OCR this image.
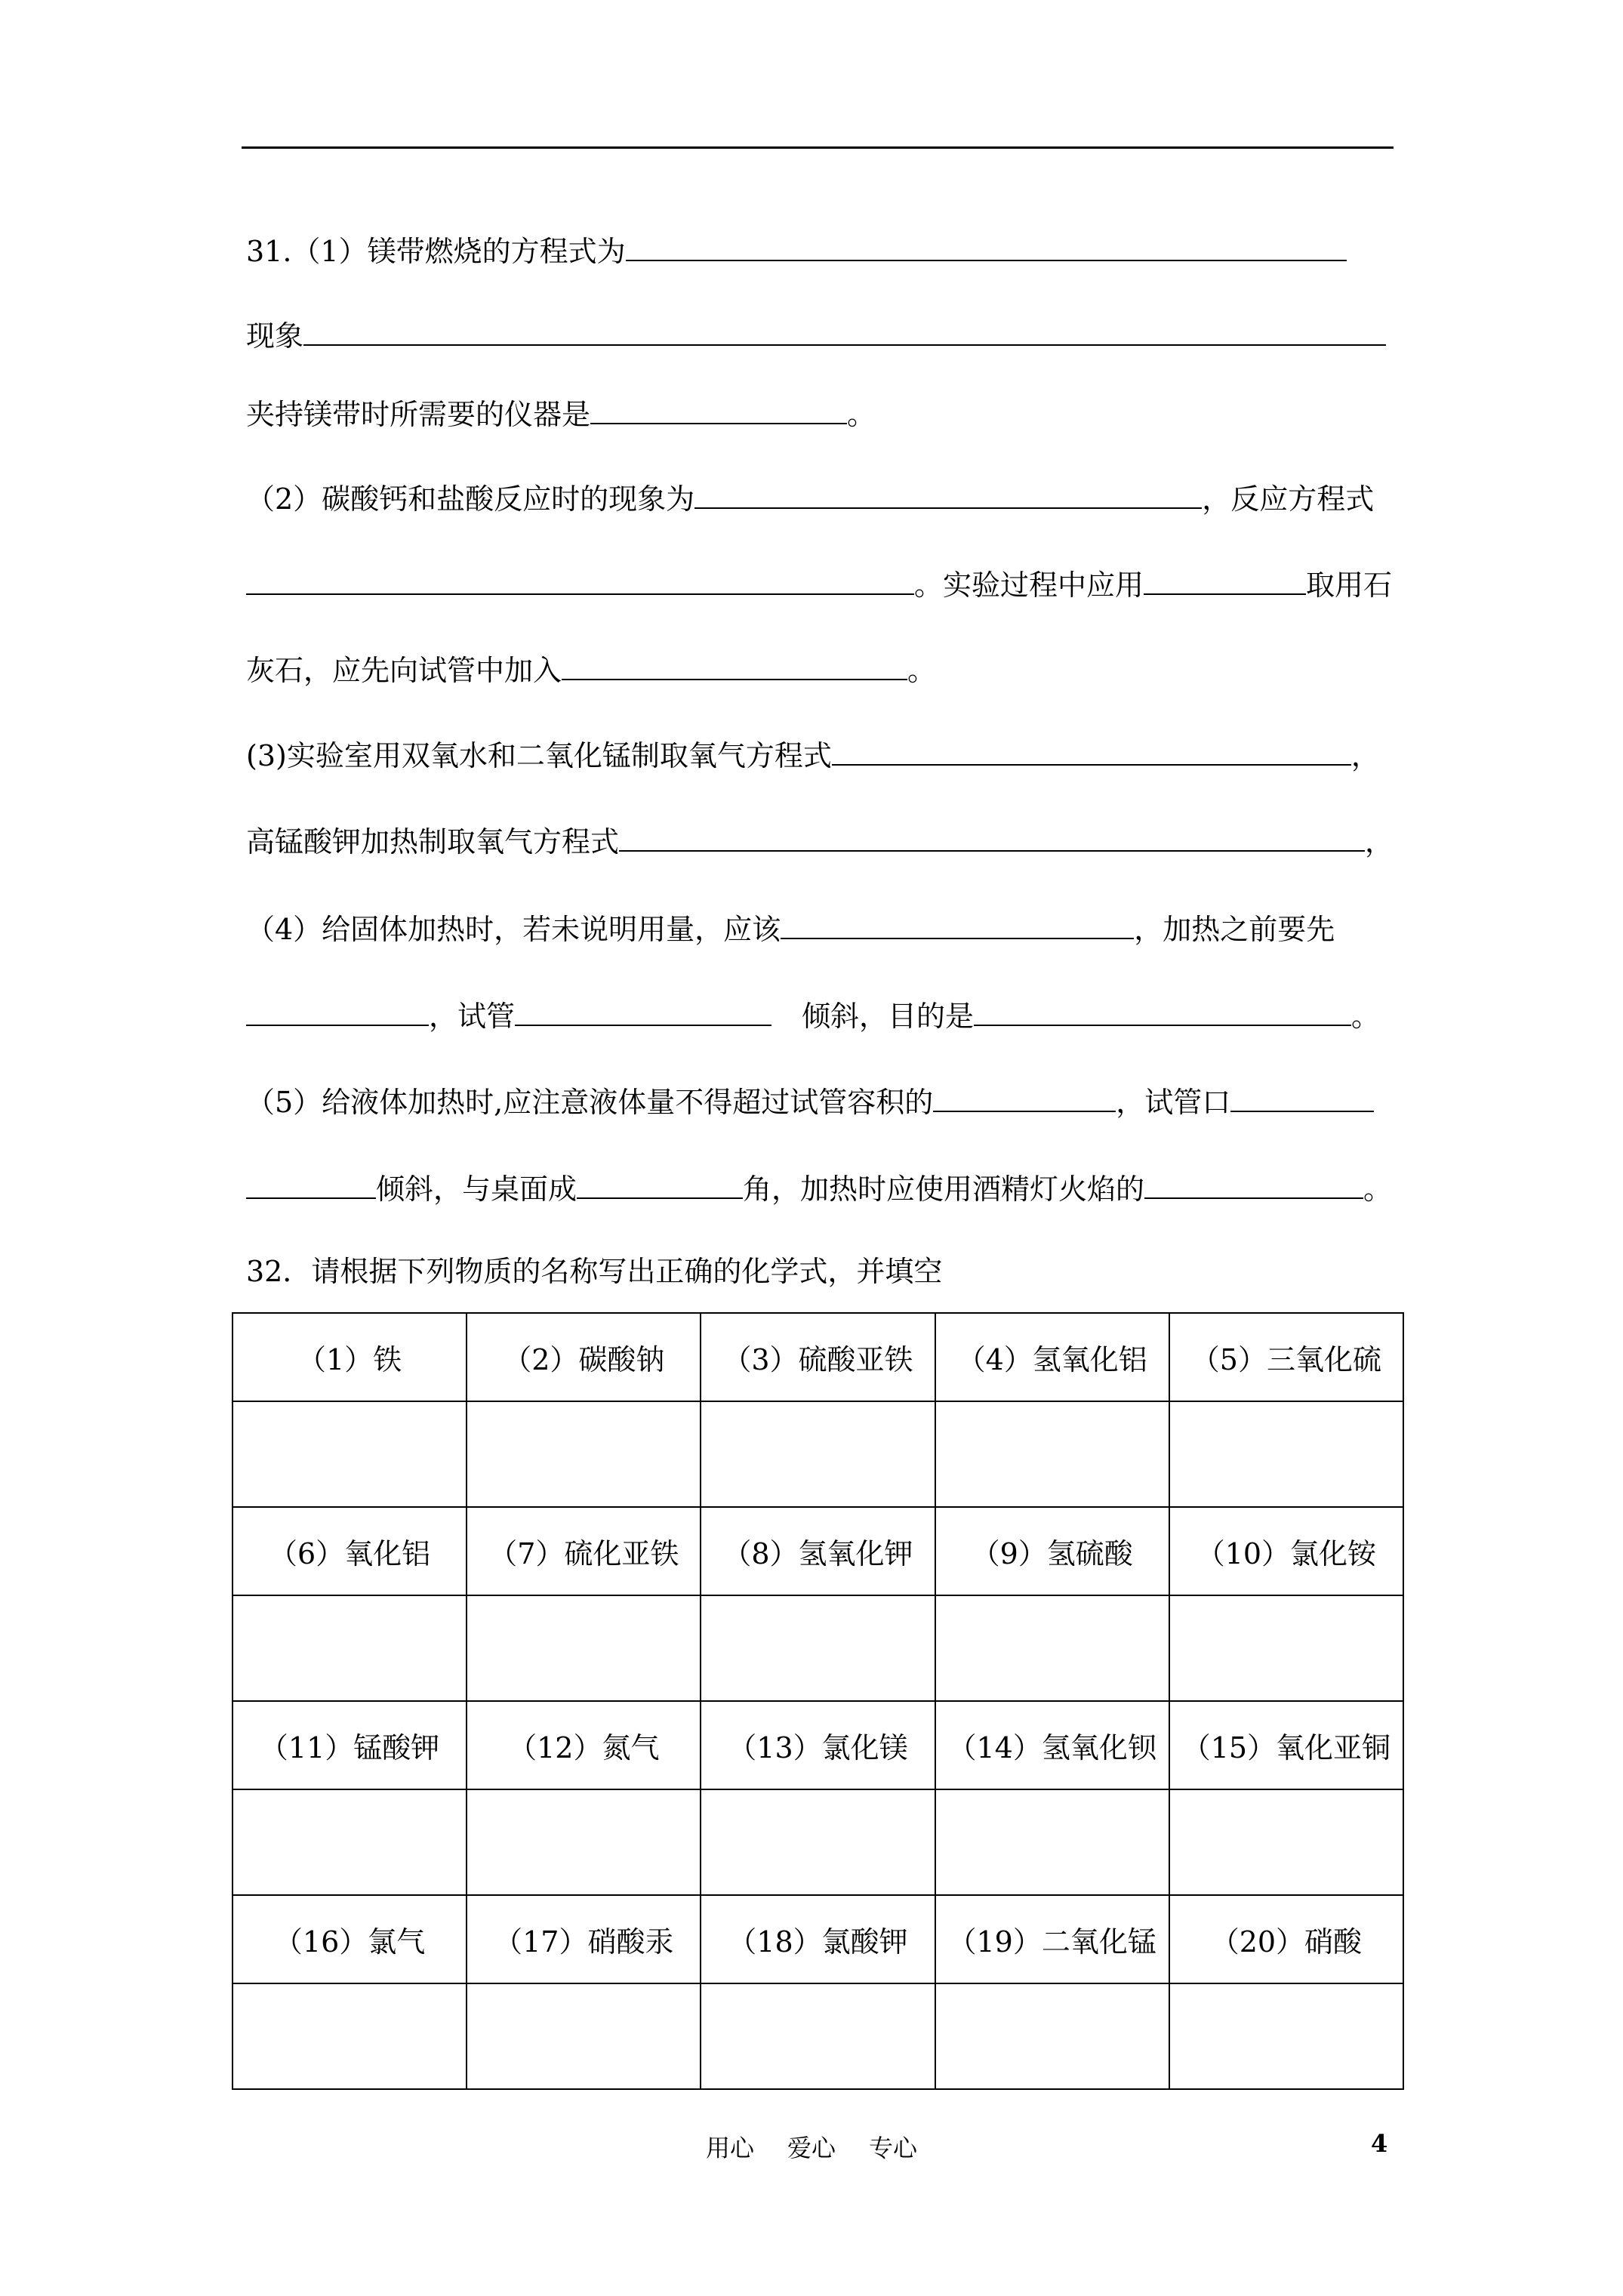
31.（1）镁带燃烧的方程式为
现象
夹持镁带时所需要的仪器是	。
（2）碳酸钙和盐酸反应时的现象为	，反应方程式
。实验过程中应用	取用石
灰石，应先向试管中加入	。
(3)实验室用双氧水和二氧化锰制取氧气方程式	，
高锰酸钾加热制取氧气方程式	，
（4）给固体加热时，若未说明用量，应该	，加热之前要先
，试管	倾斜，目的是	。
（5）给液体加热时,应注意液体量不得超过试管容积的	，试管口
倾斜，与桌面成	角，加热时应使用酒精灯火焰的	。
32．请根据下列物质的名称写出正确的化学式，并填空
（1）铁	（2）碳酸钠	（3）硫酸亚铁	（4）氢氧化铝	（5）三氧化硫

（6）氧化铝	（7）硫化亚铁	（8）氢氧化钾	（9）氢硫酸	（10）氯化铵

（11）锰酸钾	（12）氮气	（13）氯化镁	（14）氢氧化钡	（15）氧化亚铜

（16）氯气	（17）硝酸汞	（18）氯酸钾	（19）二氧化锰	（20）硝酸

用心 爱心 专心	4
